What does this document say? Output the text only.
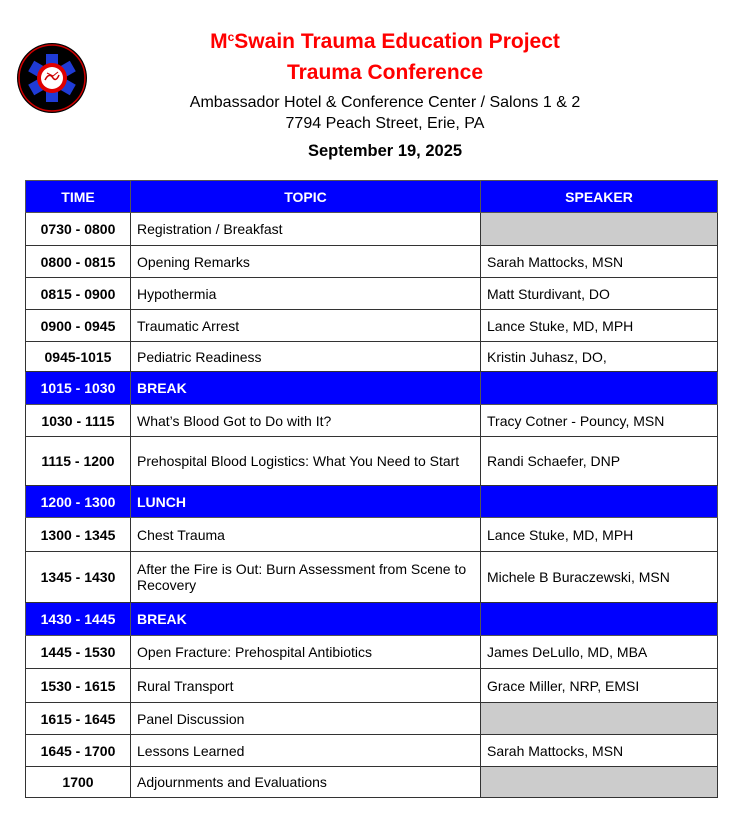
$M^cSwain$ Trauma Education Project
Trauma Conference
Ambassador Hotel & Conference Center / Salons 1 & 2
7794 Peach Street, Erie, PA
September 19, 2025
TIME	TOPIC	SPEAKER
0730 - 0800	Registration / Breakfast	
0800 - 0815	Opening Remarks	Sarah Mattocks, MSN
0815 - 0900	Hypothermia	Matt Sturdivant, DO
0900 - 0945	Traumatic Arrest	Lance Stuke, MD, MPH
0945-1015	Pediatric Readiness	Kristin Juhasz, DO,
1015 - 1030	BREAK	
1030 - 1115	What’s Blood Got to Do with It?	Tracy Cotner - Pouncy, MSN
1115 - 1200	Prehospital Blood Logistics: What You Need to Start	Randi Schaefer, DNP
1200 - 1300	LUNCH	
1300 - 1345	Chest Trauma	Lance Stuke, MD, MPH
1345 - 1430	After the Fire is Out: Burn Assessment from Scene to Recovery	Michele B Buraczewski, MSN
1430 - 1445	BREAK	
1445 - 1530	Open Fracture: Prehospital Antibiotics	James DeLullo, MD, MBA
1530 - 1615	Rural Transport	Grace Miller, NRP, EMSI
1615 - 1645	Panel Discussion	
1645 - 1700	Lessons Learned	Sarah Mattocks, MSN
1700	Adjournments and Evaluations	
